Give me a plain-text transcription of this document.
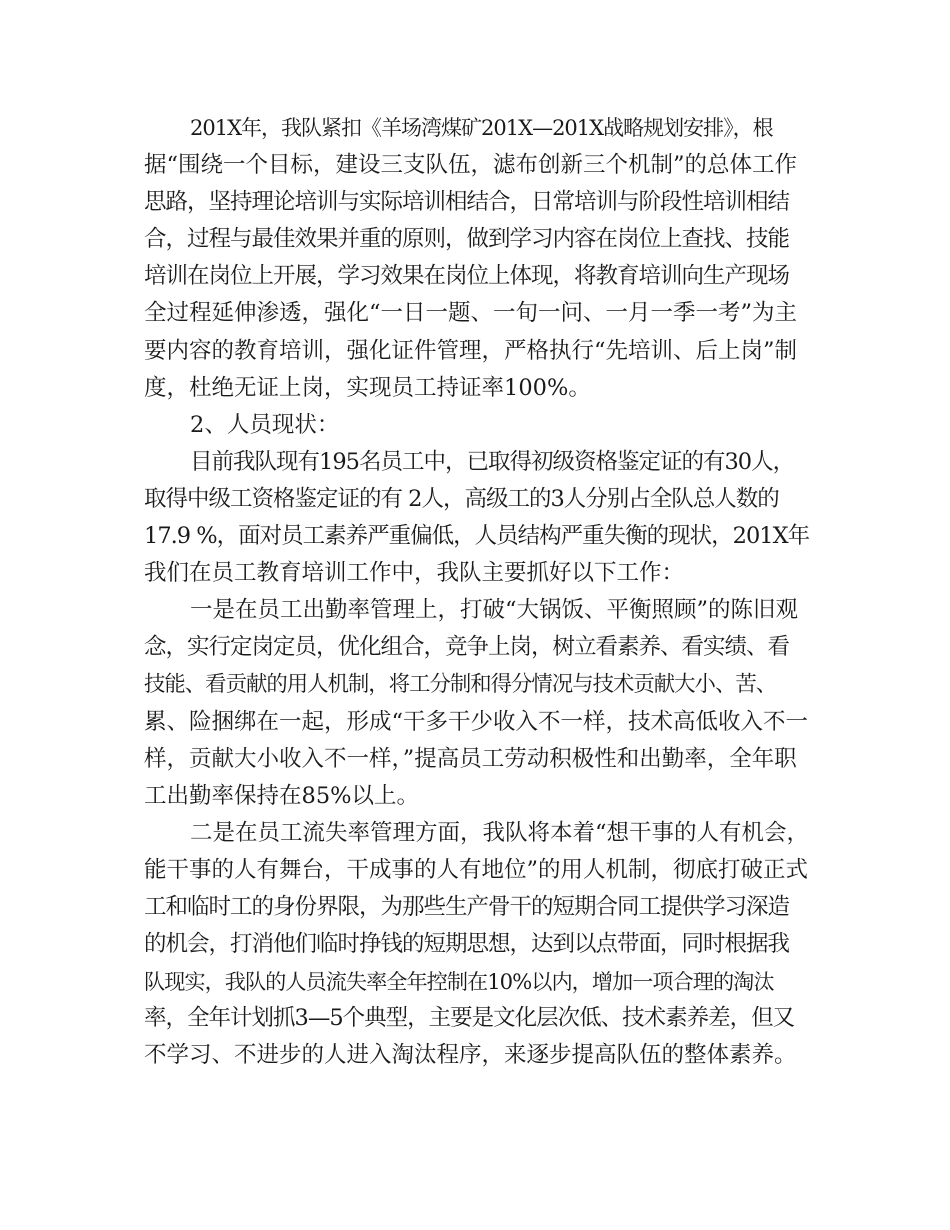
201X年，我队紧扣《羊场湾煤矿201X—201X战略规划安排》，根
据“围绕一个目标，建设三支队伍，滤布创新三个机制”的总体工作
思路，坚持理论培训与实际培训相结合，日常培训与阶段性培训相结
合，过程与最佳效果并重的原则，做到学习内容在岗位上查找、技能
培训在岗位上开展，学习效果在岗位上体现，将教育培训向生产现场
全过程延伸渗透，强化“一日一题、一旬一问、一月一季一考”为主
要内容的教育培训，强化证件管理，严格执行“先培训、后上岗”制
度，杜绝无证上岗，实现员工持证率100%。
2、人员现状：
目前我队现有195名员工中，已取得初级资格鉴定证的有30人，
取得中级工资格鉴定证的有 2人，高级工的3人分别占全队总人数的
17.9 %，面对员工素养严重偏低，人员结构严重失衡的现状，201X年
我们在员工教育培训工作中，我队主要抓好以下工作：
一是在员工出勤率管理上，打破“大锅饭、平衡照顾”的陈旧观
念，实行定岗定员，优化组合，竞争上岗，树立看素养、看实绩、看
技能、看贡献的用人机制，将工分制和得分情况与技术贡献大小、苦、
累、险捆绑在一起，形成“干多干少收入不一样，技术高低收入不一
样，贡献大小收入不一样，”提高员工劳动积极性和出勤率，全年职
工出勤率保持在85%以上。
二是在员工流失率管理方面，我队将本着“想干事的人有机会，
能干事的人有舞台，干成事的人有地位”的用人机制，彻底打破正式
工和临时工的身份界限，为那些生产骨干的短期合同工提供学习深造
的机会，打消他们临时挣钱的短期思想，达到以点带面，同时根据我
队现实，我队的人员流失率全年控制在10%以内，增加一项合理的淘汰
率，全年计划抓3—5个典型，主要是文化层次低、技术素养差，但又
不学习、不进步的人进入淘汰程序，来逐步提高队伍的整体素养。
